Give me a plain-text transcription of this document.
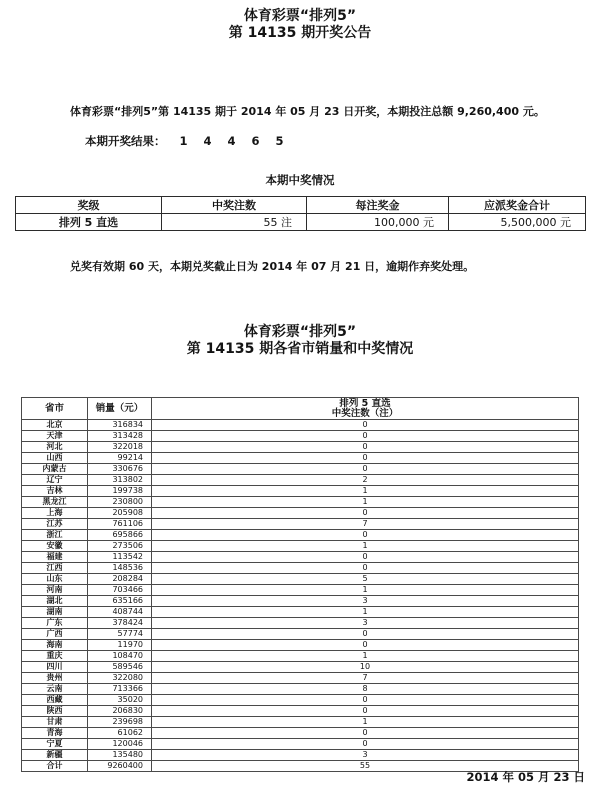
体育彩票“排列5”
第 14135 期开奖公告
体育彩票“排列5”第 14135 期于 2014 年 05 月 23 日开奖，本期投注总额 9,260,400 元。
本期开奖结果： 1 4 4 6 5
本期中奖情况
奖级	中奖注数	每注奖金	应派奖金合计
排列 5 直选	55 注	100,000 元	5,500,000 元
兑奖有效期 60 天，本期兑奖截止日为 2014 年 07 月 21 日，逾期作弃奖处理。
体育彩票“排列5”
第 14135 期各省市销量和中奖情况
省市	销量（元）	排列 5 直选
中奖注数（注）

北京	316834	0
天津	313428	0
河北	322018	0
山西	99214	0
内蒙古	330676	0
辽宁	313802	2
吉林	199738	1
黑龙江	230800	1
上海	205908	0
江苏	761106	7
浙江	695866	0
安徽	273506	1
福建	113542	0
江西	148536	0
山东	208284	5
河南	703466	1
湖北	635166	3
湖南	408744	1
广东	378424	3
广西	57774	0
海南	11970	0
重庆	108470	1
四川	589546	10
贵州	322080	7
云南	713366	8
西藏	35020	0
陕西	206830	0
甘肃	239698	1
青海	61062	0
宁夏	120046	0
新疆	135480	3
合计	9260400	55
2014 年 05 月 23 日
